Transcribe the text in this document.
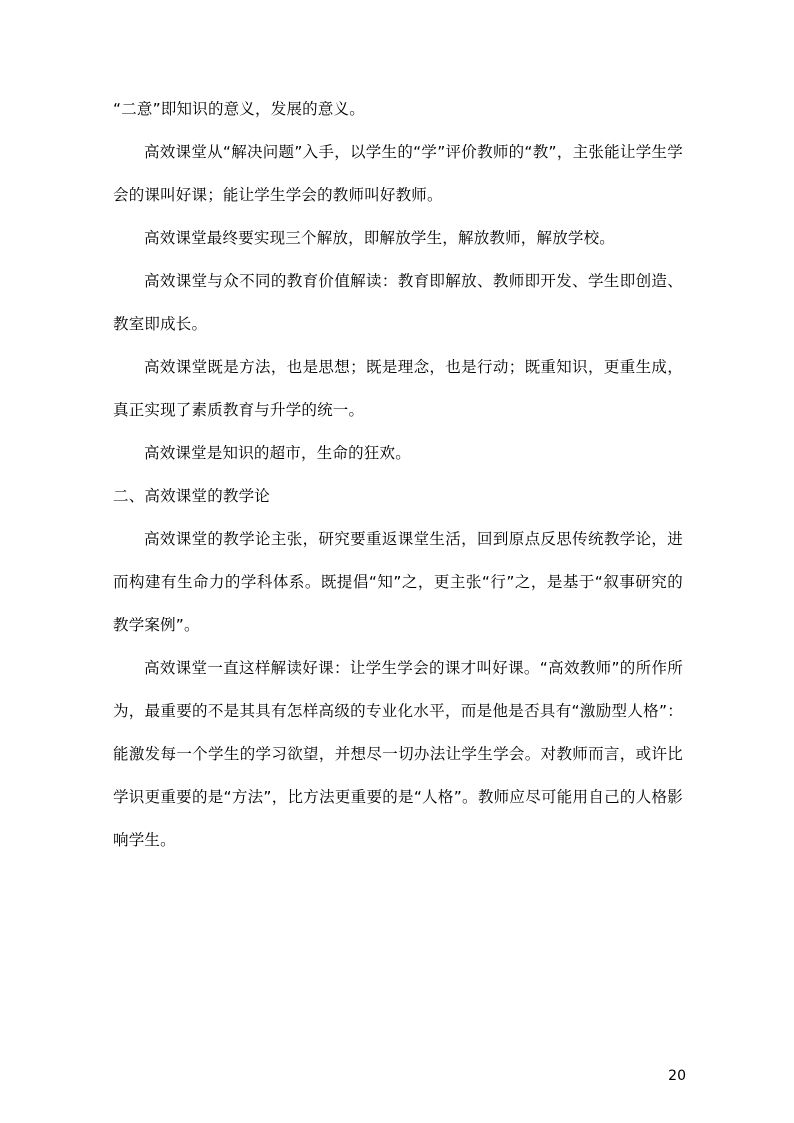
“二意”即知识的意义，发展的意义。

高效课堂从“解决问题”入手，以学生的“学”评价教师的“教”，主张能让学生学会的课叫好课；能让学生学会的教师叫好教师。

高效课堂最终要实现三个解放，即解放学生，解放教师，解放学校。

高效课堂与众不同的教育价值解读：教育即解放、教师即开发、学生即创造、教室即成长。

高效课堂既是方法，也是思想；既是理念，也是行动；既重知识，更重生成，真正实现了素质教育与升学的统一。

高效课堂是知识的超市，生命的狂欢。

二、高效课堂的教学论

高效课堂的教学论主张，研究要重返课堂生活，回到原点反思传统教学论，进而构建有生命力的学科体系。既提倡“知”之，更主张“行”之，是基于“叙事研究的教学案例”。

高效课堂一直这样解读好课：让学生学会的课才叫好课。“高效教师”的所作所为，最重要的不是其具有怎样高级的专业化水平，而是他是否具有“激励型人格”：能激发每一个学生的学习欲望，并想尽一切办法让学生学会。对教师而言，或许比学识更重要的是“方法”，比方法更重要的是“人格”。教师应尽可能用自己的人格影响学生。

20
